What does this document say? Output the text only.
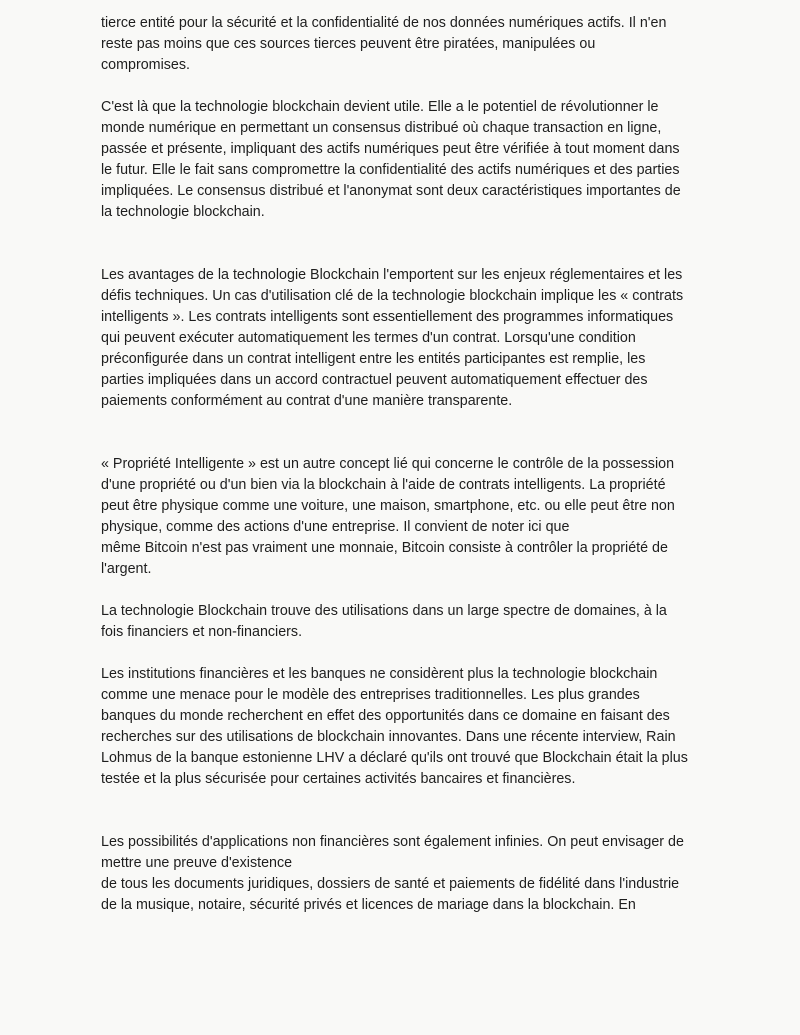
tierce entité pour la sécurité et la confidentialité de nos données numériques actifs. Il n'en
reste pas moins que ces sources tierces peuvent être piratées, manipulées ou
compromises.

C'est là que la technologie blockchain devient utile. Elle a le potentiel de révolutionner le
monde numérique en permettant un consensus distribué où chaque transaction en ligne,
passée et présente, impliquant des actifs numériques peut être vérifiée à tout moment dans
le futur. Elle le fait sans compromettre la confidentialité des actifs numériques et des parties
impliquées. Le consensus distribué et l'anonymat sont deux caractéristiques importantes de
la technologie blockchain.

Les avantages de la technologie Blockchain l'emportent sur les enjeux réglementaires et les
défis techniques. Un cas d'utilisation clé de la technologie blockchain implique les « contrats
intelligents ». Les contrats intelligents sont essentiellement des programmes informatiques
qui peuvent exécuter automatiquement les termes d'un contrat. Lorsqu'une condition
préconfigurée dans un contrat intelligent entre les entités participantes est remplie, les
parties impliquées dans un accord contractuel peuvent automatiquement effectuer des
paiements conformément au contrat d'une manière transparente.

« Propriété Intelligente » est un autre concept lié qui concerne le contrôle de la possession
d'une propriété ou d'un bien via la blockchain à l'aide de contrats intelligents. La propriété
peut être physique comme une voiture, une maison, smartphone, etc. ou elle peut être non
physique, comme des actions d'une entreprise. Il convient de noter ici que
même Bitcoin n'est pas vraiment une monnaie, Bitcoin consiste à contrôler la propriété de
l'argent.

La technologie Blockchain trouve des utilisations dans un large spectre de domaines, à la
fois financiers et non-financiers.

Les institutions financières et les banques ne considèrent plus la technologie blockchain
comme une menace pour le modèle des entreprises traditionnelles. Les plus grandes
banques du monde recherchent en effet des opportunités dans ce domaine en faisant des
recherches sur des utilisations de blockchain innovantes. Dans une récente interview, Rain
Lohmus de la banque estonienne LHV a déclaré qu'ils ont trouvé que Blockchain était la plus
testée et la plus sécurisée pour certaines activités bancaires et financières.

Les possibilités d'applications non financières sont également infinies. On peut envisager de
mettre une preuve d'existence
de tous les documents juridiques, dossiers de santé et paiements de fidélité dans l'industrie
de la musique, notaire, sécurité privés et licences de mariage dans la blockchain. En
